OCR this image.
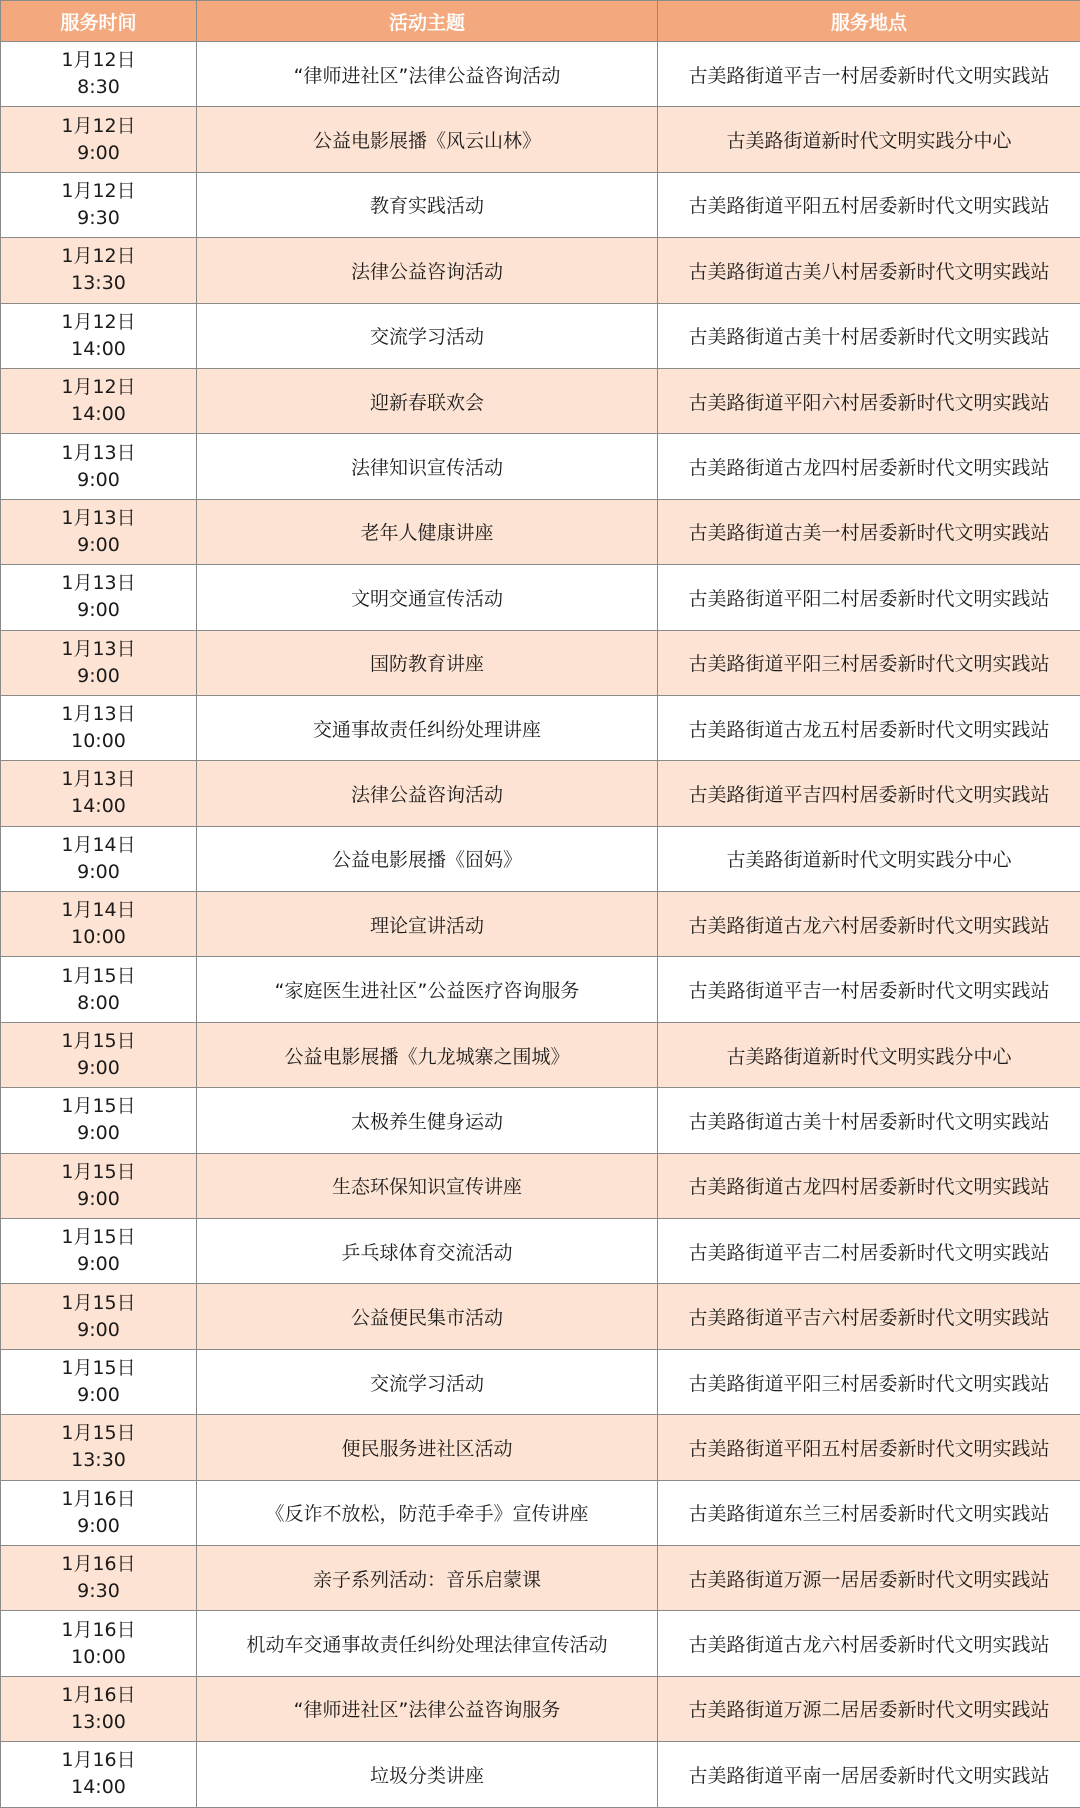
服务时间	活动主题	服务地点

1月12日
8:30	“律师进社区”法律公益咨询活动	古美路街道平吉一村居委新时代文明实践站

1月12日
9:00	公益电影展播《风云山林》	古美路街道新时代文明实践分中心

1月12日
9:30	教育实践活动	古美路街道平阳五村居委新时代文明实践站

1月12日
13:30	法律公益咨询活动	古美路街道古美八村居委新时代文明实践站

1月12日
14:00	交流学习活动	古美路街道古美十村居委新时代文明实践站

1月12日
14:00	迎新春联欢会	古美路街道平阳六村居委新时代文明实践站

1月13日
9:00	法律知识宣传活动	古美路街道古龙四村居委新时代文明实践站

1月13日
9:00	老年人健康讲座	古美路街道古美一村居委新时代文明实践站

1月13日
9:00	文明交通宣传活动	古美路街道平阳二村居委新时代文明实践站

1月13日
9:00	国防教育讲座	古美路街道平阳三村居委新时代文明实践站

1月13日
10:00	交通事故责任纠纷处理讲座	古美路街道古龙五村居委新时代文明实践站

1月13日
14:00	法律公益咨询活动	古美路街道平吉四村居委新时代文明实践站

1月14日
9:00	公益电影展播《囧妈》	古美路街道新时代文明实践分中心

1月14日
10:00	理论宣讲活动	古美路街道古龙六村居委新时代文明实践站

1月15日
8:00	“家庭医生进社区”公益医疗咨询服务	古美路街道平吉一村居委新时代文明实践站

1月15日
9:00	公益电影展播《九龙城寨之围城》	古美路街道新时代文明实践分中心

1月15日
9:00	太极养生健身运动	古美路街道古美十村居委新时代文明实践站

1月15日
9:00	生态环保知识宣传讲座	古美路街道古龙四村居委新时代文明实践站

1月15日
9:00	乒乓球体育交流活动	古美路街道平吉二村居委新时代文明实践站

1月15日
9:00	公益便民集市活动	古美路街道平吉六村居委新时代文明实践站

1月15日
9:00	交流学习活动	古美路街道平阳三村居委新时代文明实践站

1月15日
13:30	便民服务进社区活动	古美路街道平阳五村居委新时代文明实践站

1月16日
9:00	《反诈不放松，防范手牵手》宣传讲座	古美路街道东兰三村居委新时代文明实践站

1月16日
9:30	亲子系列活动：音乐启蒙课	古美路街道万源一居居委新时代文明实践站

1月16日
10:00	机动车交通事故责任纠纷处理法律宣传活动	古美路街道古龙六村居委新时代文明实践站

1月16日
13:00	“律师进社区”法律公益咨询服务	古美路街道万源二居居委新时代文明实践站

1月16日
14:00	垃圾分类讲座	古美路街道平南一居居委新时代文明实践站
